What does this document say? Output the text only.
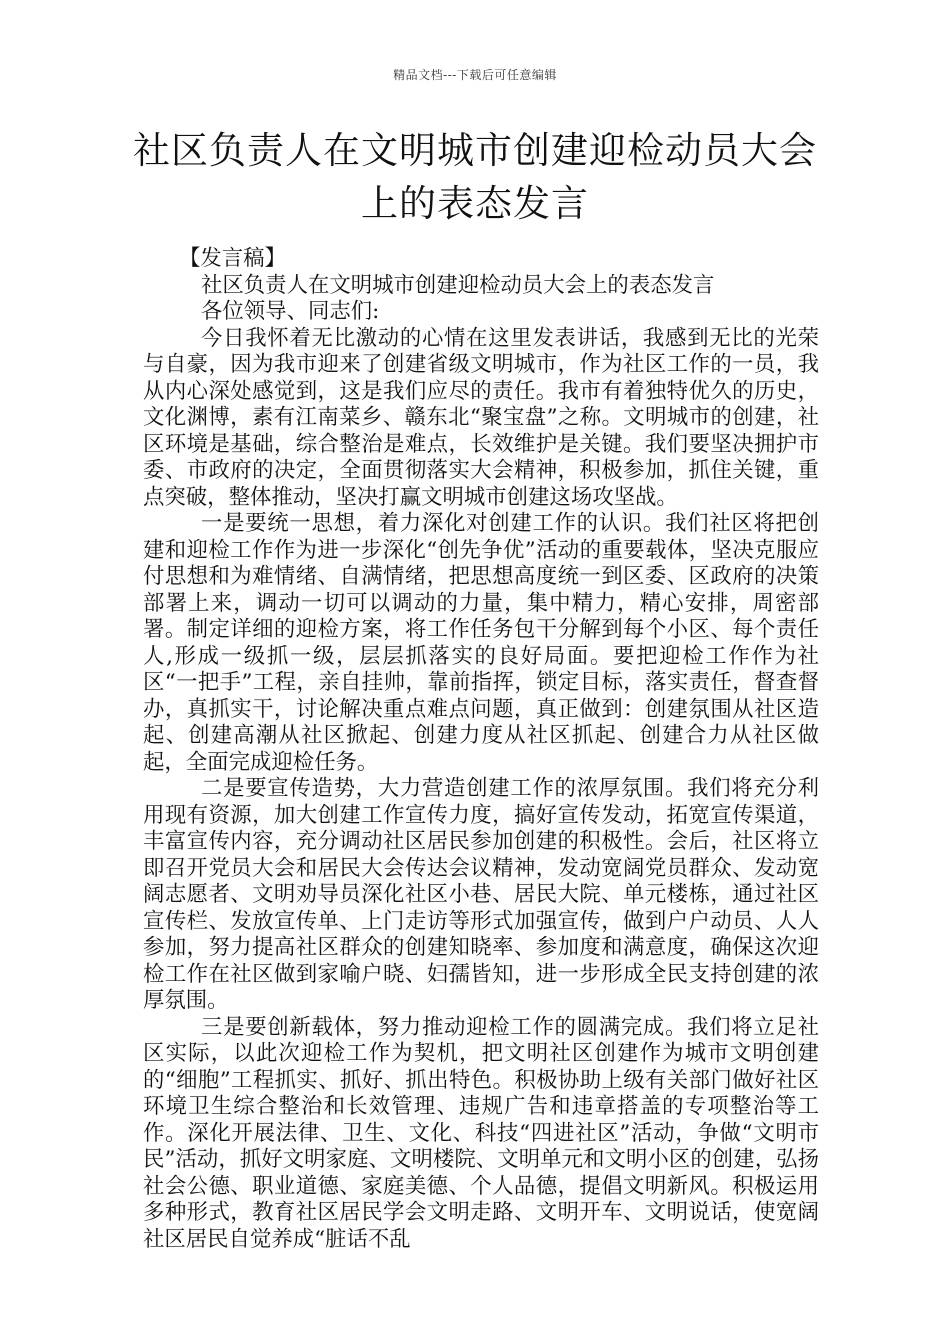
精品文档---下载后可任意编辑
社区负责人在文明城市创建迎检动员大会上的表态发言

【发言稿】

社区负责人在文明城市创建迎检动员大会上的表态发言

各位领导、同志们:

今日我怀着无比激动的心情在这里发表讲话，我感到无比的光荣与自豪，因为我市迎来了创建省级文明城市，作为社区工作的一员，我从内心深处感觉到，这是我们应尽的责任。我市有着独特优久的历史，文化渊博，素有江南菜乡、赣东北“聚宝盘”之称。文明城市的创建，社区环境是基础，综合整治是难点，长效维护是关键。我们要坚决拥护市委、市政府的决定，全面贯彻落实大会精神，积极参加，抓住关键，重点突破，整体推动，坚决打赢文明城市创建这场攻坚战。

一是要统一思想，着力深化对创建工作的认识。我们社区将把创建和迎检工作作为进一步深化“创先争优”活动的重要载体，坚决克服应付思想和为难情绪、自满情绪，把思想高度统一到区委、区政府的决策部署上来，调动一切可以调动的力量，集中精力，精心安排，周密部署。制定详细的迎检方案，将工作任务包干分解到每个小区、每个责任人,形成一级抓一级，层层抓落实的良好局面。要把迎检工作作为社区“一把手”工程，亲自挂帅，靠前指挥，锁定目标，落实责任，督查督办，真抓实干，讨论解决重点难点问题，真正做到：创建氛围从社区造起、创建高潮从社区掀起、创建力度从社区抓起、创建合力从社区做起，全面完成迎检任务。

二是要宣传造势，大力营造创建工作的浓厚氛围。我们将充分利用现有资源，加大创建工作宣传力度，搞好宣传发动，拓宽宣传渠道，丰富宣传内容，充分调动社区居民参加创建的积极性。会后，社区将立即召开党员大会和居民大会传达会议精神，发动宽阔党员群众、发动宽阔志愿者、文明劝导员深化社区小巷、居民大院、单元楼栋，通过社区宣传栏、发放宣传单、上门走访等形式加强宣传，做到户户动员、人人参加，努力提高社区群众的创建知晓率、参加度和满意度，确保这次迎检工作在社区做到家喻户晓、妇孺皆知，进一步形成全民支持创建的浓厚氛围。

三是要创新载体，努力推动迎检工作的圆满完成。我们将立足社区实际，以此次迎检工作为契机，把文明社区创建作为城市文明创建的“细胞”工程抓实、抓好、抓出特色。积极协助上级有关部门做好社区环境卫生综合整治和长效管理、违规广告和违章搭盖的专项整治等工作。深化开展法律、卫生、文化、科技“四进社区”活动，争做“文明市民”活动，抓好文明家庭、文明楼院、文明单元和文明小区的创建，弘扬社会公德、职业道德、家庭美德、个人品德，提倡文明新风。积极运用多种形式，教育社区居民学会文明走路、文明开车、文明说话，使宽阔社区居民自觉养成“脏话不乱
